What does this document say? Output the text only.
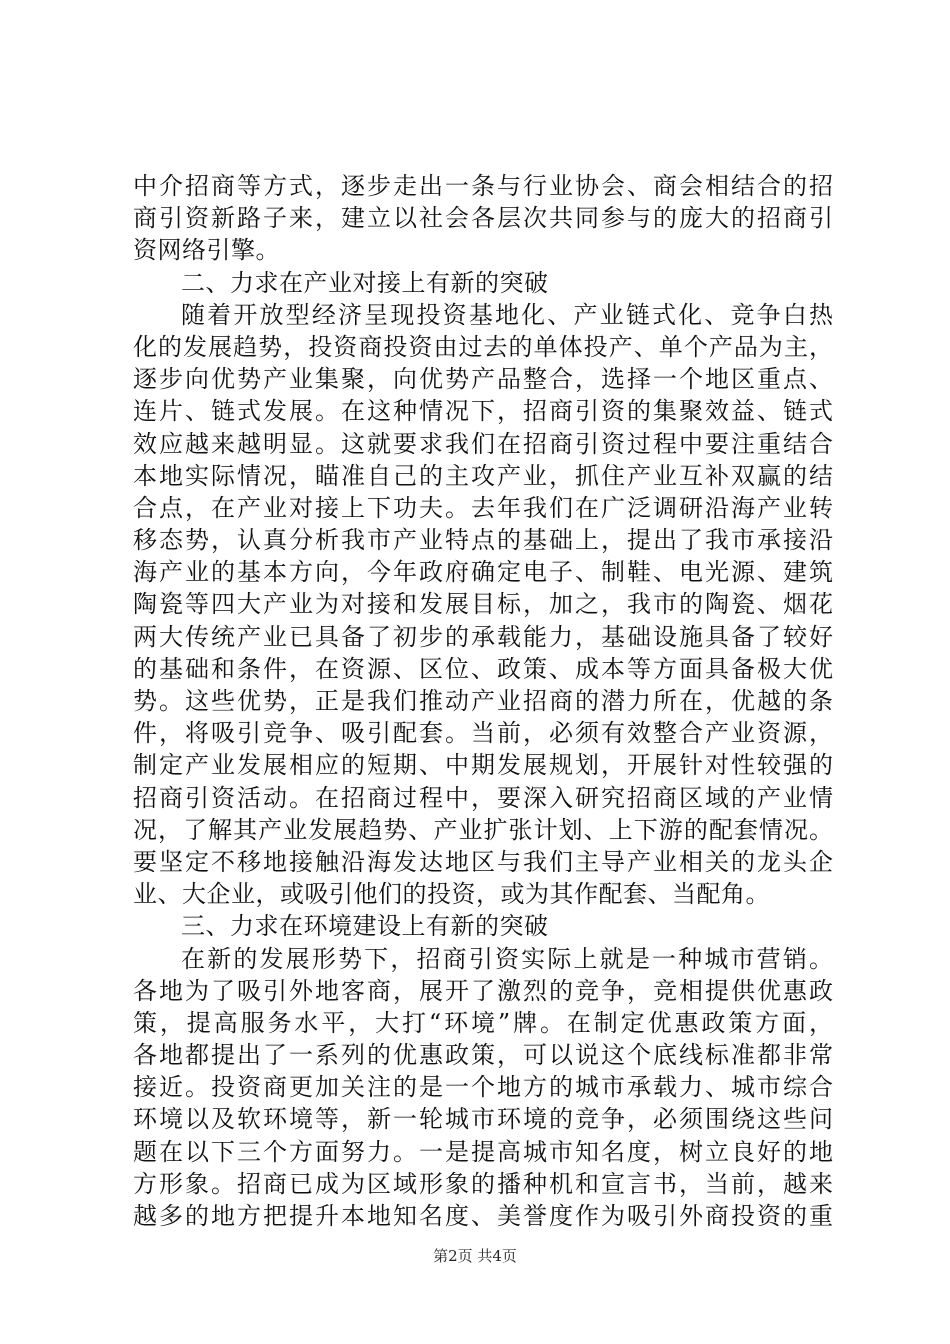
中介招商等方式，逐步走出一条与行业协会、商会相结合的招
商引资新路子来，建立以社会各层次共同参与的庞大的招商引
资网络引擎。
二、力求在产业对接上有新的突破
随着开放型经济呈现投资基地化、产业链式化、竞争白热
化的发展趋势，投资商投资由过去的单体投产、单个产品为主，
逐步向优势产业集聚，向优势产品整合，选择一个地区重点、
连片、链式发展。在这种情况下，招商引资的集聚效益、链式
效应越来越明显。这就要求我们在招商引资过程中要注重结合
本地实际情况，瞄准自己的主攻产业，抓住产业互补双赢的结
合点，在产业对接上下功夫。去年我们在广泛调研沿海产业转
移态势，认真分析我市产业特点的基础上，提出了我市承接沿
海产业的基本方向，今年政府确定电子、制鞋、电光源、建筑
陶瓷等四大产业为对接和发展目标，加之，我市的陶瓷、烟花
两大传统产业已具备了初步的承载能力，基础设施具备了较好
的基础和条件，在资源、区位、政策、成本等方面具备极大优
势。这些优势，正是我们推动产业招商的潜力所在，优越的条
件，将吸引竞争、吸引配套。当前，必须有效整合产业资源，
制定产业发展相应的短期、中期发展规划，开展针对性较强的
招商引资活动。在招商过程中，要深入研究招商区域的产业情
况，了解其产业发展趋势、产业扩张计划、上下游的配套情况。
要坚定不移地接触沿海发达地区与我们主导产业相关的龙头企
业、大企业，或吸引他们的投资，或为其作配套、当配角。
三、力求在环境建设上有新的突破
在新的发展形势下，招商引资实际上就是一种城市营销。
各地为了吸引外地客商，展开了激烈的竞争，竞相提供优惠政
策，提高服务水平，大打“环境”牌。在制定优惠政策方面，
各地都提出了一系列的优惠政策，可以说这个底线标准都非常
接近。投资商更加关注的是一个地方的城市承载力、城市综合
环境以及软环境等，新一轮城市环境的竞争，必须围绕这些问
题在以下三个方面努力。一是提高城市知名度，树立良好的地
方形象。招商已成为区域形象的播种机和宣言书，当前，越来
越多的地方把提升本地知名度、美誉度作为吸引外商投资的重
第2页 共4页
